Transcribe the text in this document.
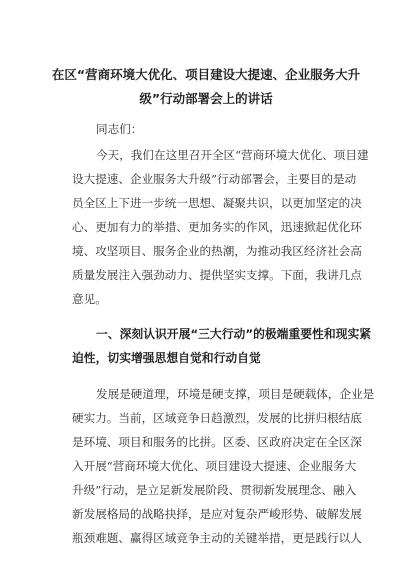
在区“营商环境大优化、项目建设大提速、企业服务大升
级”行动部署会上的讲话
同志们：
今天，我们在这里召开全区“营商环境大优化、项目建
设大提速、企业服务大升级”行动部署会，主要目的是动
员全区上下进一步统一思想、凝聚共识，以更加坚定的决
心、更加有力的举措、更加务实的作风，迅速掀起优化环
境、攻坚项目、服务企业的热潮，为推动我区经济社会高
质量发展注入强劲动力、提供坚实支撑。下面，我讲几点
意见。
一、深刻认识开展“三大行动”的极端重要性和现实紧
迫性，切实增强思想自觉和行动自觉
发展是硬道理，环境是硬支撑，项目是硬载体，企业是
硬实力。当前，区域竞争日趋激烈，发展的比拼归根结底
是环境、项目和服务的比拼。区委、区政府决定在全区深
入开展“营商环境大优化、项目建设大提速、企业服务大
升级”行动，是立足新发展阶段、贯彻新发展理念、融入
新发展格局的战略抉择，是应对复杂严峻形势、破解发展
瓶颈难题、赢得区域竞争主动的关键举措，更是践行以人
